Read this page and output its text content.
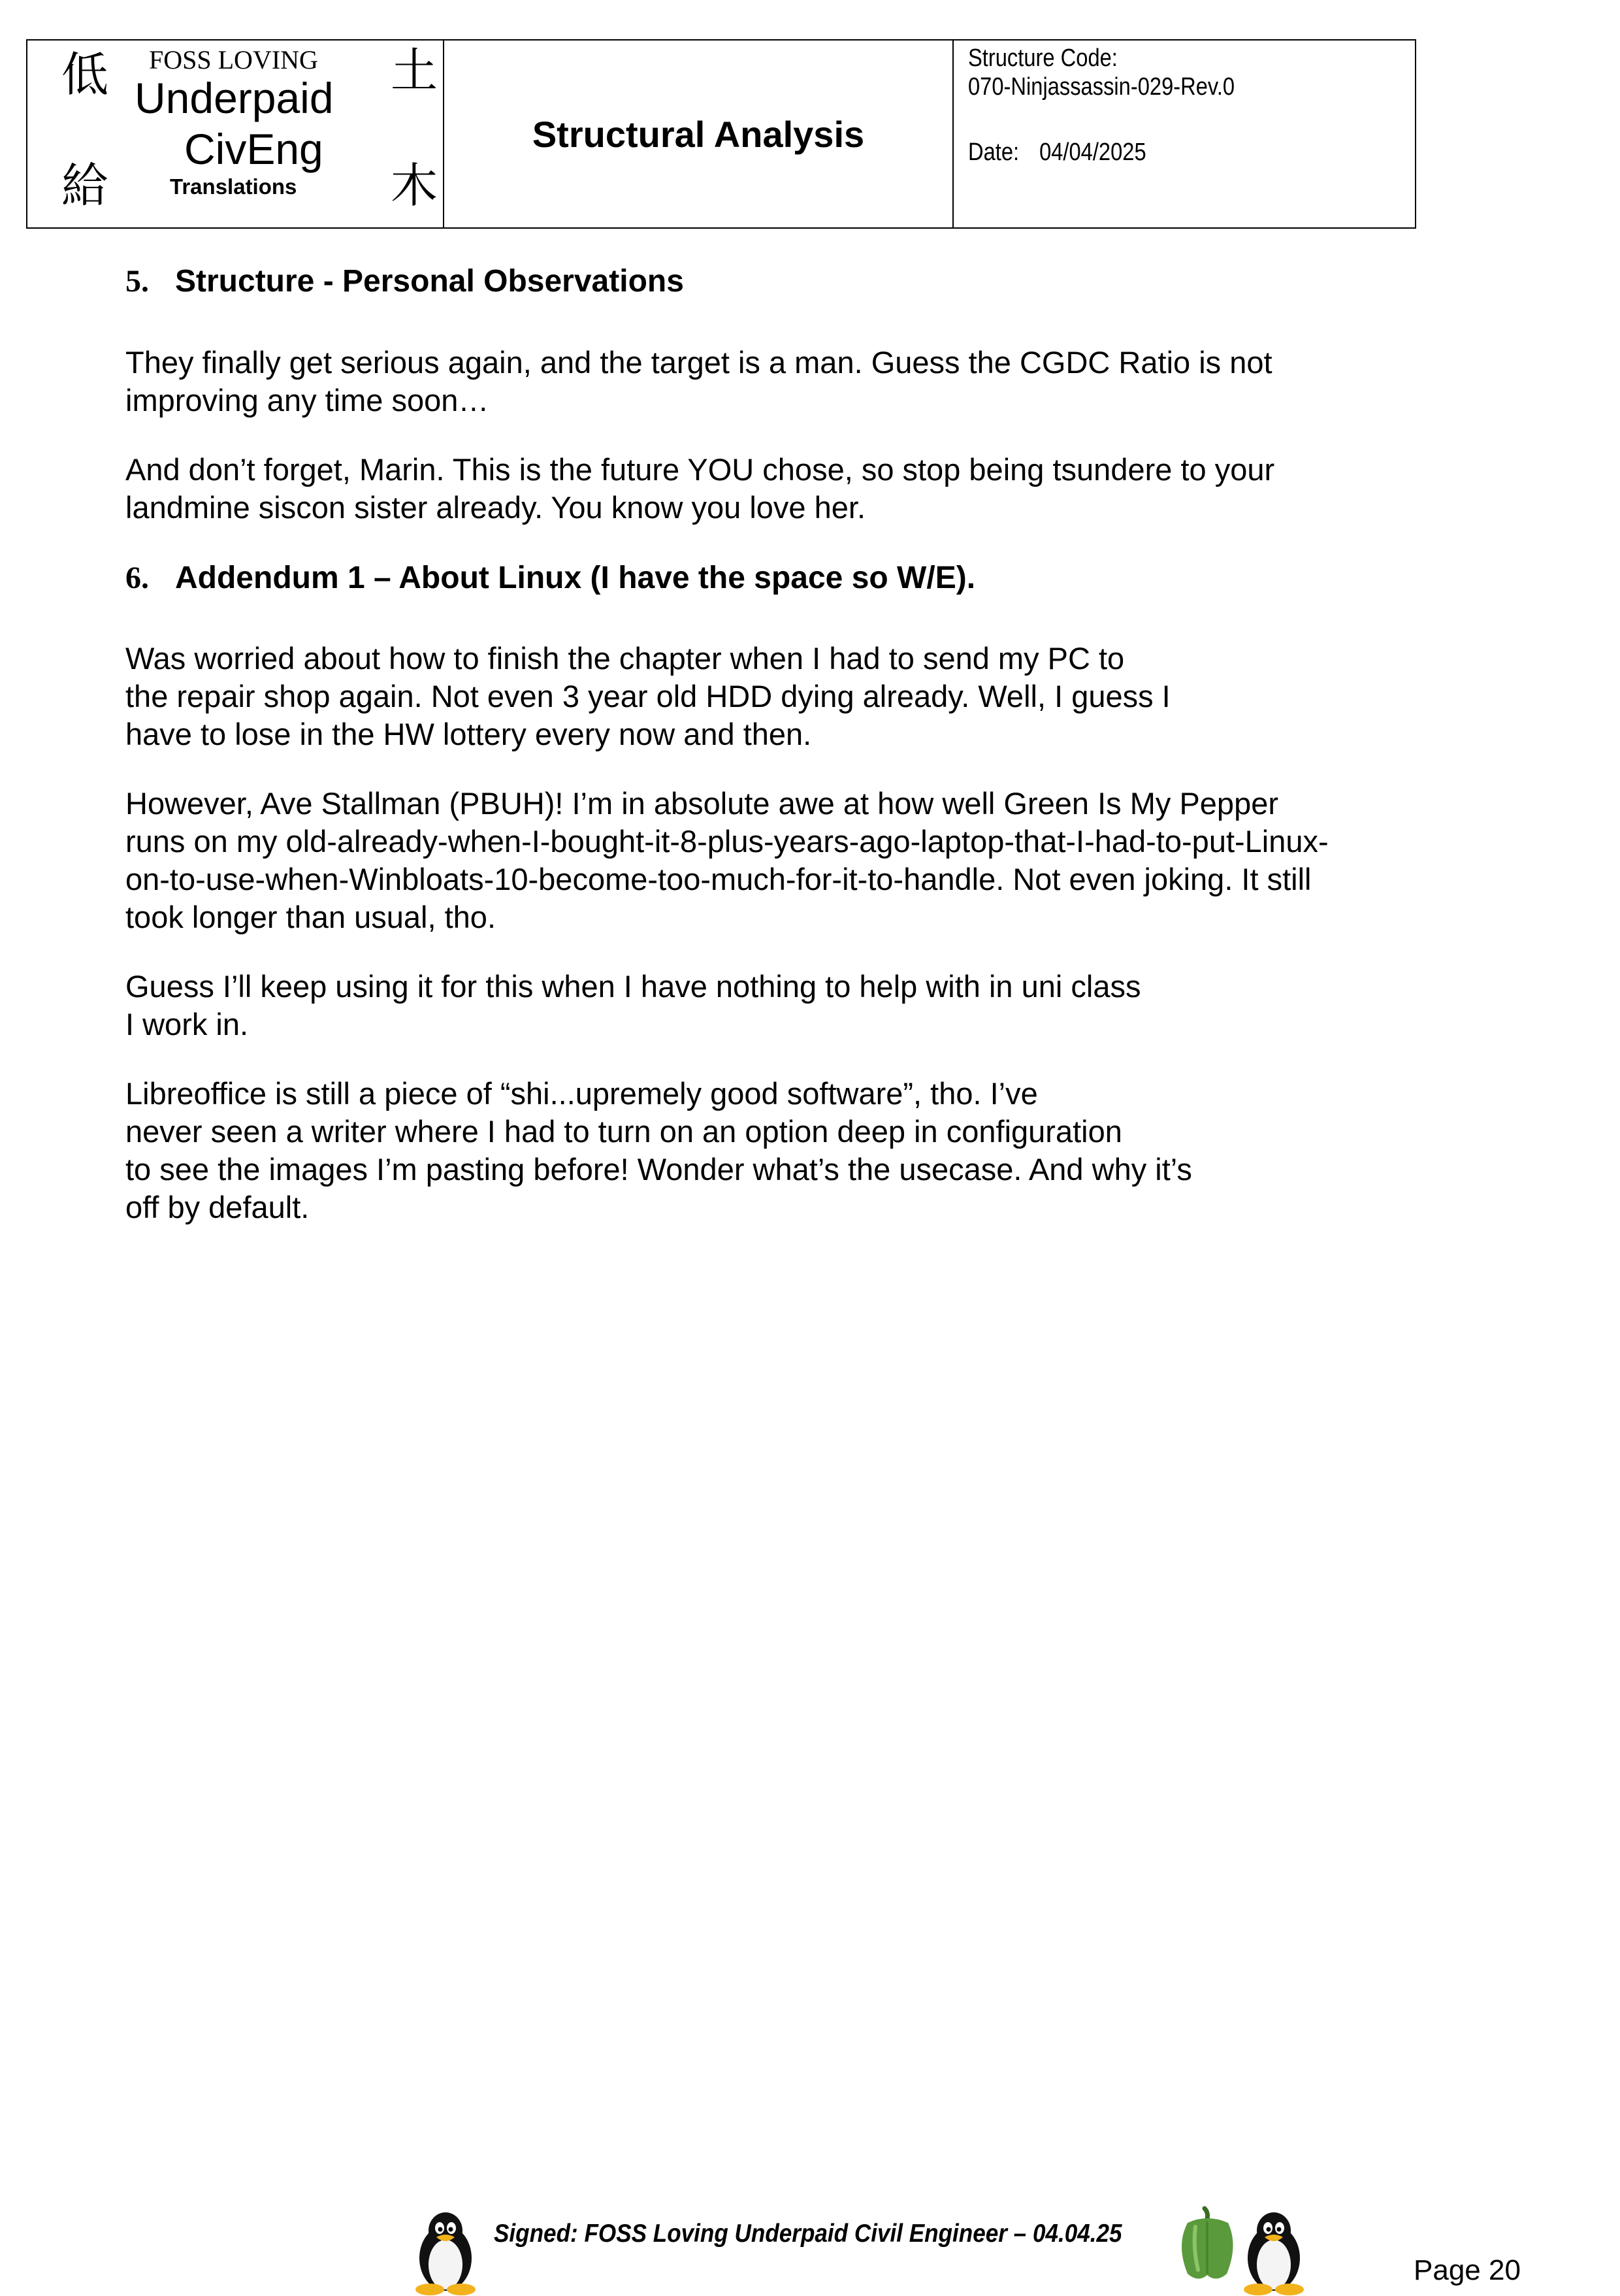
低
給
土
木
FOSS LOVING
Underpaid
CivEng
Translations
Structural Analysis
Structure Code:
070-Ninjassassin-029-Rev.0
Date: 04/04/2025
5. Structure - Personal Observations
They finally get serious again, and the target is a man. Guess the CGDC Ratio is not
improving any time soon…
And don’t forget, Marin. This is the future YOU chose, so stop being tsundere to your
landmine siscon sister already. You know you love her.
6. Addendum 1 – About Linux (I have the space so W/E).
Was worried about how to finish the chapter when I had to send my PC to
the repair shop again. Not even 3 year old HDD dying already. Well, I guess I
have to lose in the HW lottery every now and then.
However, Ave Stallman (PBUH)! I’m in absolute awe at how well Green Is My Pepper
runs on my old-already-when-I-bought-it-8-plus-years-ago-laptop-that-I-had-to-put-Linux-
on-to-use-when-Winbloats-10-become-too-much-for-it-to-handle. Not even joking. It still
took longer than usual, tho.
Guess I’ll keep using it for this when I have nothing to help with in uni class
I work in.
Libreoffice is still a piece of “shi...upremely good software”, tho. I’ve
never seen a writer where I had to turn on an option deep in configuration
to see the images I’m pasting before! Wonder what’s the usecase. And why it’s
off by default.
Signed: FOSS Loving Underpaid Civil Engineer – 04.04.25
Page 20
